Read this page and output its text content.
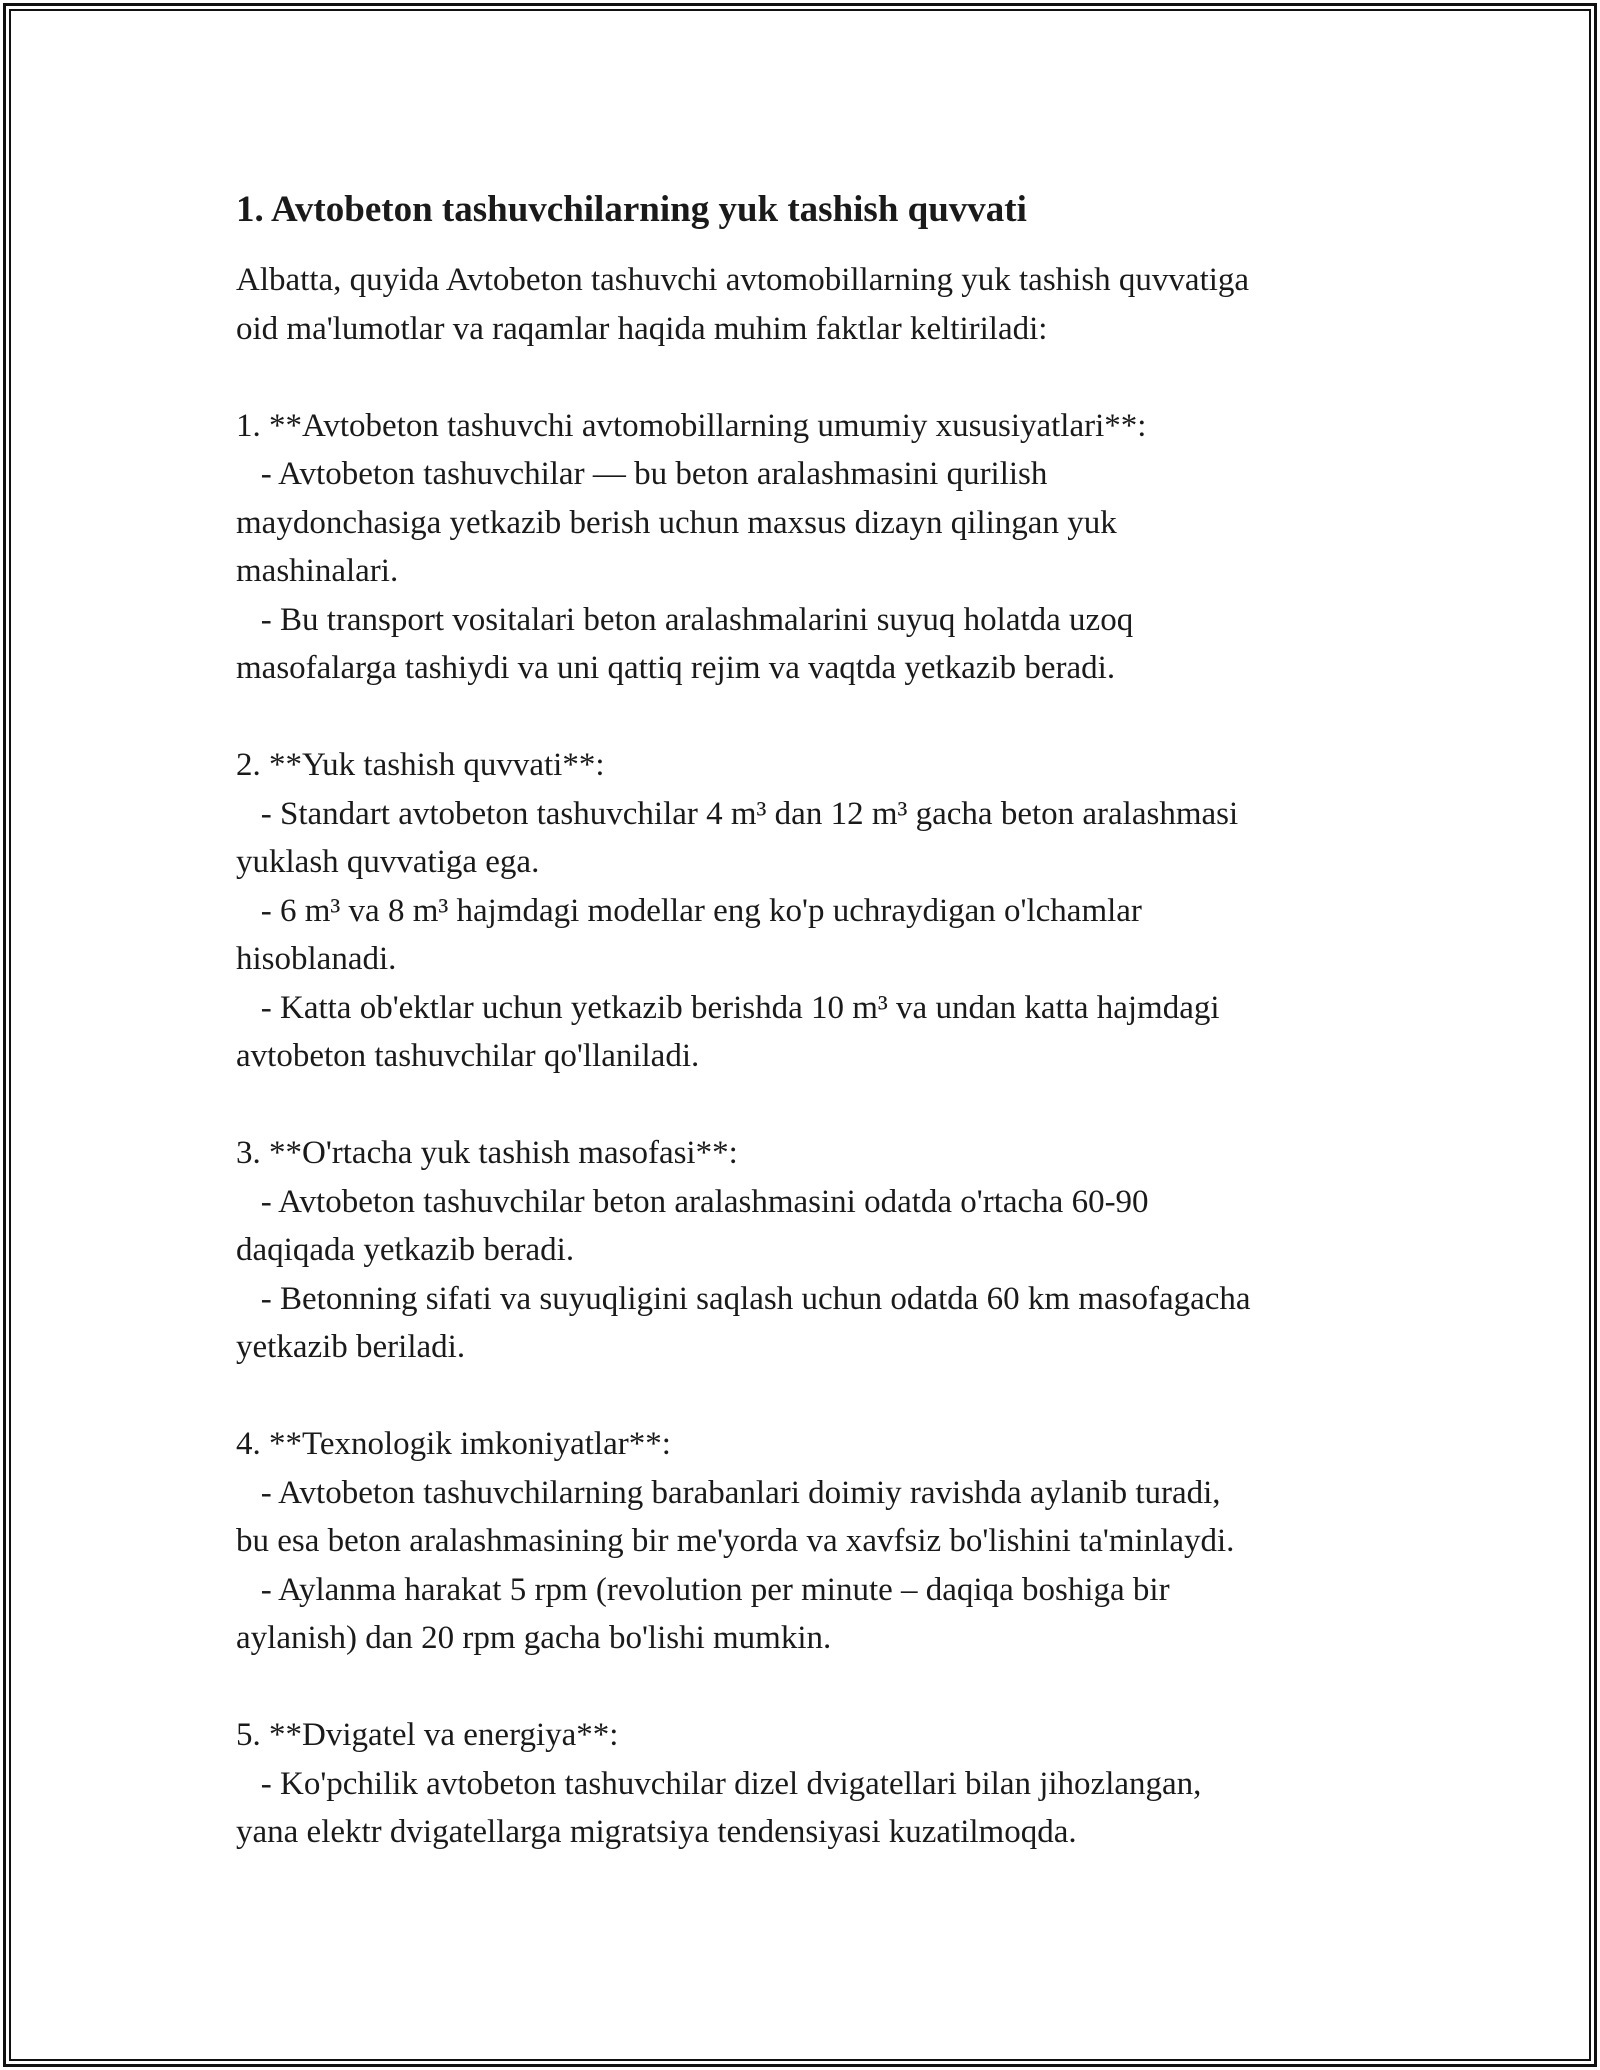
1. Avtobeton tashuvchilarning yuk tashish quvvati

Albatta, quyida Avtobeton tashuvchi avtomobillarning yuk tashish quvvatiga
oid ma'lumotlar va raqamlar haqida muhim faktlar keltiriladi:

1. **Avtobeton tashuvchi avtomobillarning umumiy xususiyatlari**:
- Avtobeton tashuvchilar — bu beton aralashmasini qurilish
maydonchasiga yetkazib berish uchun maxsus dizayn qilingan yuk
mashinalari.
- Bu transport vositalari beton aralashmalarini suyuq holatda uzoq
masofalarga tashiydi va uni qattiq rejim va vaqtda yetkazib beradi.

2. **Yuk tashish quvvati**:
- Standart avtobeton tashuvchilar 4 m³ dan 12 m³ gacha beton aralashmasi
yuklash quvvatiga ega.
- 6 m³ va 8 m³ hajmdagi modellar eng ko'p uchraydigan o'lchamlar
hisoblanadi.
- Katta ob'ektlar uchun yetkazib berishda 10 m³ va undan katta hajmdagi
avtobeton tashuvchilar qo'llaniladi.

3. **O'rtacha yuk tashish masofasi**:
- Avtobeton tashuvchilar beton aralashmasini odatda o'rtacha 60-90
daqiqada yetkazib beradi.
- Betonning sifati va suyuqligini saqlash uchun odatda 60 km masofagacha
yetkazib beriladi.

4. **Texnologik imkoniyatlar**:
- Avtobeton tashuvchilarning barabanlari doimiy ravishda aylanib turadi,
bu esa beton aralashmasining bir me'yorda va xavfsiz bo'lishini ta'minlaydi.
- Aylanma harakat 5 rpm (revolution per minute – daqiqa boshiga bir
aylanish) dan 20 rpm gacha bo'lishi mumkin.

5. **Dvigatel va energiya**:
- Ko'pchilik avtobeton tashuvchilar dizel dvigatellari bilan jihozlangan,
yana elektr dvigatellarga migratsiya tendensiyasi kuzatilmoqda.
